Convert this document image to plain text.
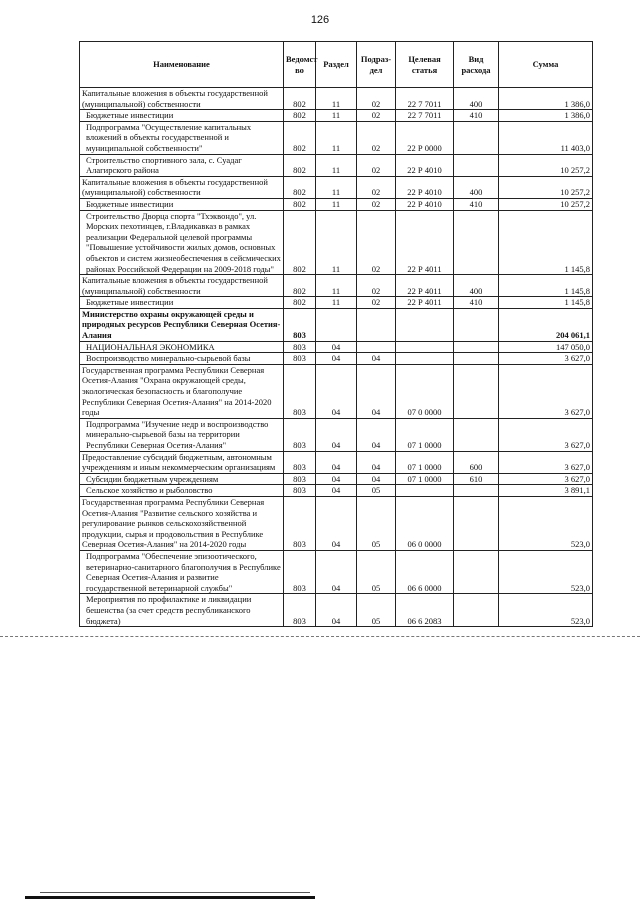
126
Наименование	Ведомст во	Раздел	Подраз- дел	Целевая статья	Вид расхода	Сумма
Капитальные вложения в объекты государственной (муниципальной) собственности	802	11	02	22 7 7011	400	1 386,0
Бюджетные инвестиции	802	11	02	22 7 7011	410	1 386,0
Подпрограмма "Осуществление капитальных вложений в объекты государственной и муниципальной собственности"	802	11	02	22 Р 0000		11 403,0
Строительство спортивного зала, с. Суадаг Алагирского района	802	11	02	22 Р 4010		10 257,2
Капитальные вложения в объекты государственной (муниципальной) собственности	802	11	02	22 Р 4010	400	10 257,2
Бюджетные инвестиции	802	11	02	22 Р 4010	410	10 257,2
Строительство Дворца спорта "Тхэквондо", ул. Морских пехотинцев, г.Владикавказ в рамках реализации Федеральной целевой программы "Повышение устойчивости жилых домов, основных объектов и систем жизнеобеспечения в сейсмических районах Российской Федерации на 2009-2018 годы"	802	11	02	22 Р 4011		1 145,8
Капитальные вложения в объекты государственной (муниципальной) собственности	802	11	02	22 Р 4011	400	1 145,8
Бюджетные инвестиции	802	11	02	22 Р 4011	410	1 145,8
Министерство охраны окружающей среды и природных ресурсов Республики Северная Осетия-Алания	803					204 061,1
НАЦИОНАЛЬНАЯ ЭКОНОМИКА	803	04				147 050,0
Воспроизводство минерально-сырьевой базы	803	04	04			3 627,0
Государственная программа Республики Северная Осетия-Алания "Охрана окружающей среды, экологическая безопасность и благополучие Республики Северная Осетия-Алания" на 2014-2020 годы	803	04	04	07 0 0000		3 627,0
Подпрограмма "Изучение недр и воспроизводство минерально-сырьевой базы на территории Республики Северная Осетия-Алания"	803	04	04	07 1 0000		3 627,0
Предоставление субсидий бюджетным, автономным учреждениям и иным некоммерческим организациям	803	04	04	07 1 0000	600	3 627,0
Субсидии бюджетным учреждениям	803	04	04	07 1 0000	610	3 627,0
Сельское хозяйство и рыболовство	803	04	05			3 891,1
Государственная программа Республики Северная Осетия-Алания "Развитие сельского хозяйства и регулирование рынков сельскохозяйственной продукции, сырья и продовольствия в Республике Северная Осетия-Алания" на 2014-2020 годы	803	04	05	06 0 0000		523,0
Подпрограмма "Обеспечение эпизоотического, ветеринарно-санитарного благополучия в Республике Северная Осетия-Алания и развитие государственной ветеринарной службы"	803	04	05	06 6 0000		523,0
Мероприятия по профилактике и ликвидации бешенства (за счет средств республиканского бюджета)	803	04	05	06 6 2083		523,0
